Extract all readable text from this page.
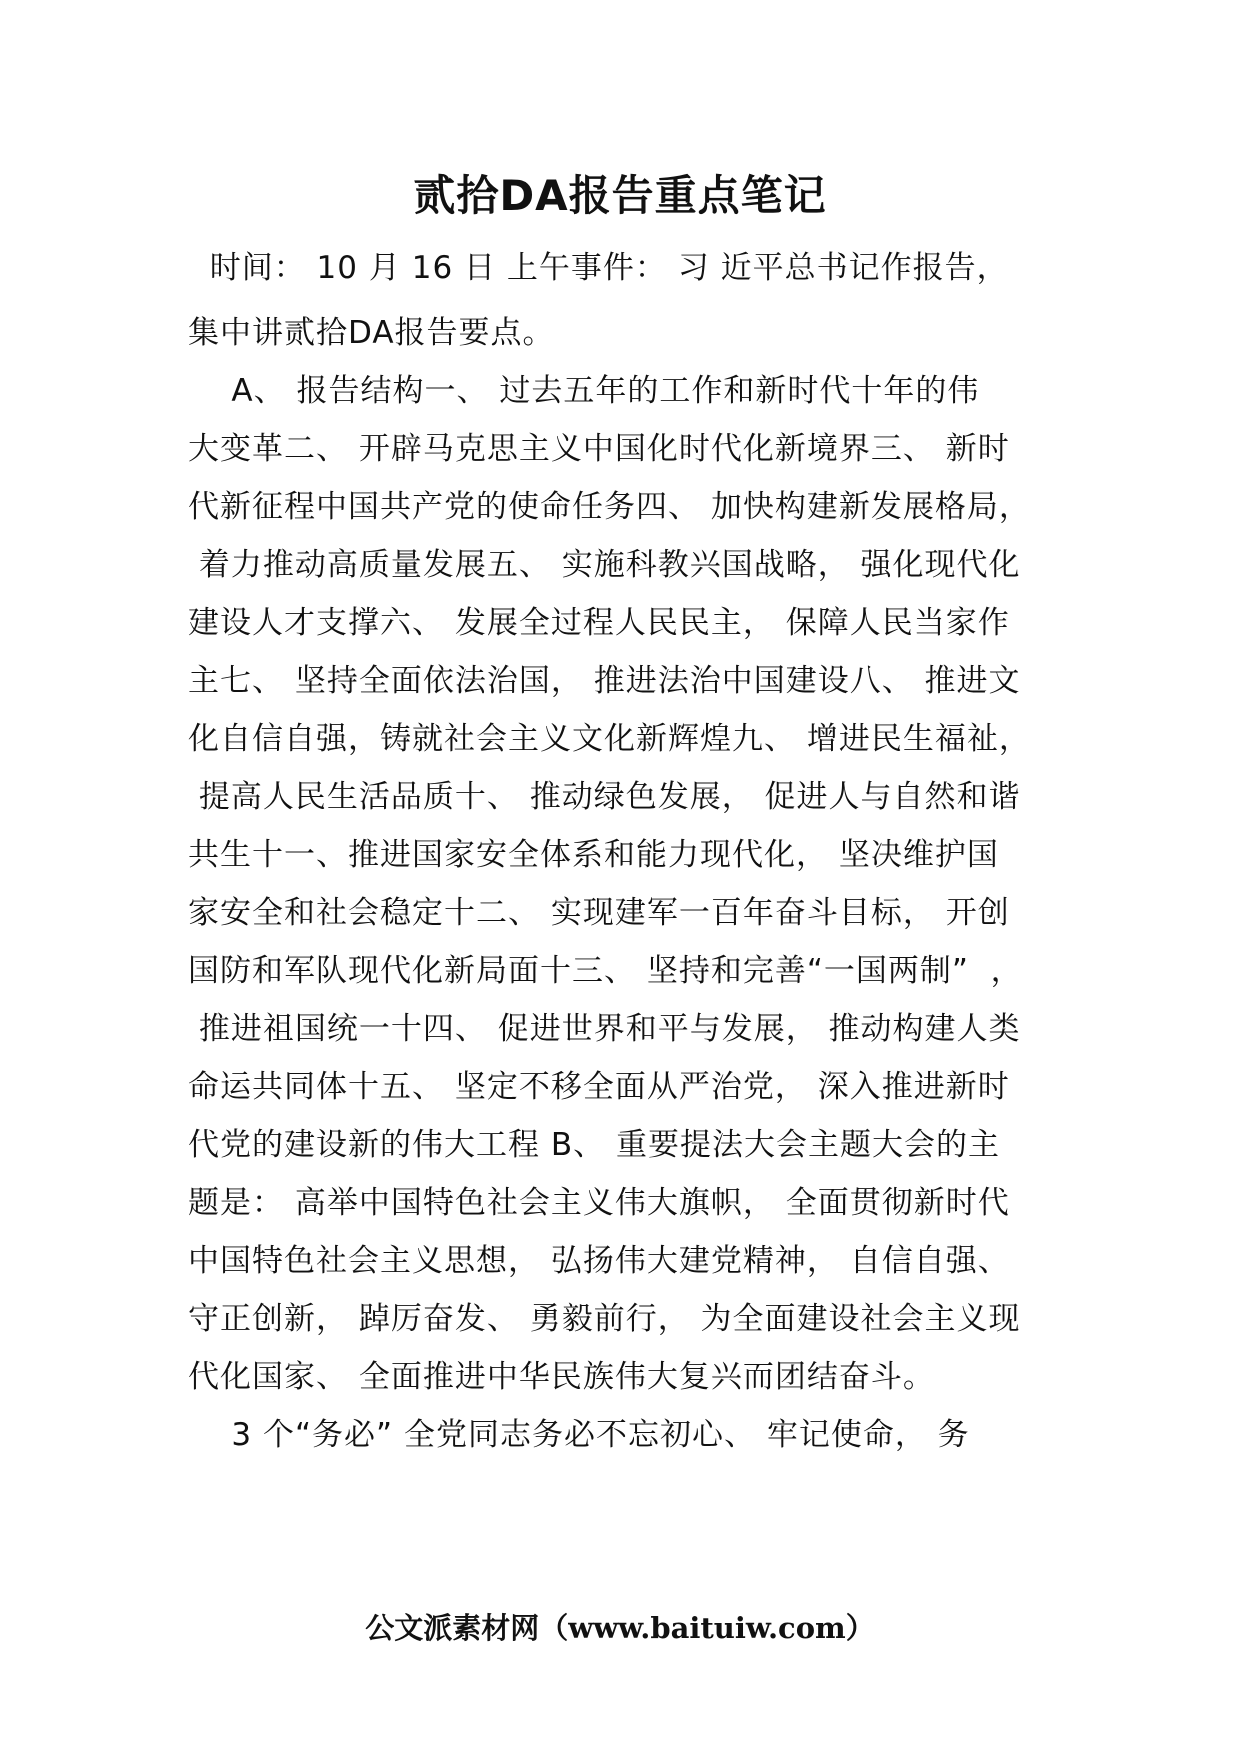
贰拾DA报告重点笔记
时间： 10 月 16 日 上午事件： 习 近平总书记作报告，
集中讲贰拾DA报告要点。
A、 报告结构一、 过去五年的工作和新时代十年的伟
大变革二、 开辟马克思主义中国化时代化新境界三、 新时
代新征程中国共产党的使命任务四、 加快构建新发展格局，
着力推动高质量发展五、 实施科教兴国战略， 强化现代化
建设人才支撑六、 发展全过程人民民主， 保障人民当家作
主七、 坚持全面依法治国， 推进法治中国建设八、 推进文
化自信自强，铸就社会主义文化新辉煌九、 增进民生福祉，
提高人民生活品质十、 推动绿色发展， 促进人与自然和谐
共生十一、推进国家安全体系和能力现代化， 坚决维护国
家安全和社会稳定十二、 实现建军一百年奋斗目标， 开创
国防和军队现代化新局面十三、 坚持和完善“一国两制”  ，
推进祖国统一十四、 促进世界和平与发展， 推动构建人类
命运共同体十五、 坚定不移全面从严治党， 深入推进新时
代党的建设新的伟大工程 B、 重要提法大会主题大会的主
题是： 高举中国特色社会主义伟大旗帜， 全面贯彻新时代
中国特色社会主义思想， 弘扬伟大建党精神， 自信自强、
守正创新， 踔厉奋发、 勇毅前行， 为全面建设社会主义现
代化国家、 全面推进中华民族伟大复兴而团结奋斗。
3 个“务必” 全党同志务必不忘初心、 牢记使命， 务
公文派素材网（www.baituiw.com）
